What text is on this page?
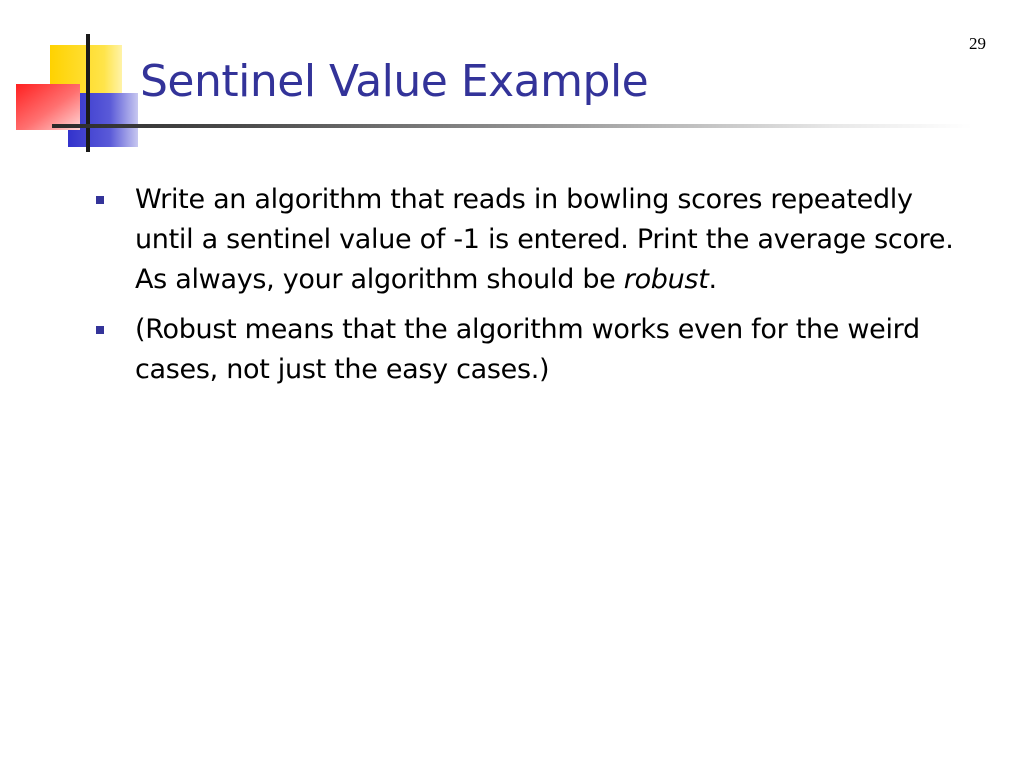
29
Sentinel Value Example
Write an algorithm that reads in bowling scores repeatedly until a sentinel value of -1 is entered. Print the average score. As always, your algorithm should be robust.
(Robust means that the algorithm works even for the weird cases, not just the easy cases.)
